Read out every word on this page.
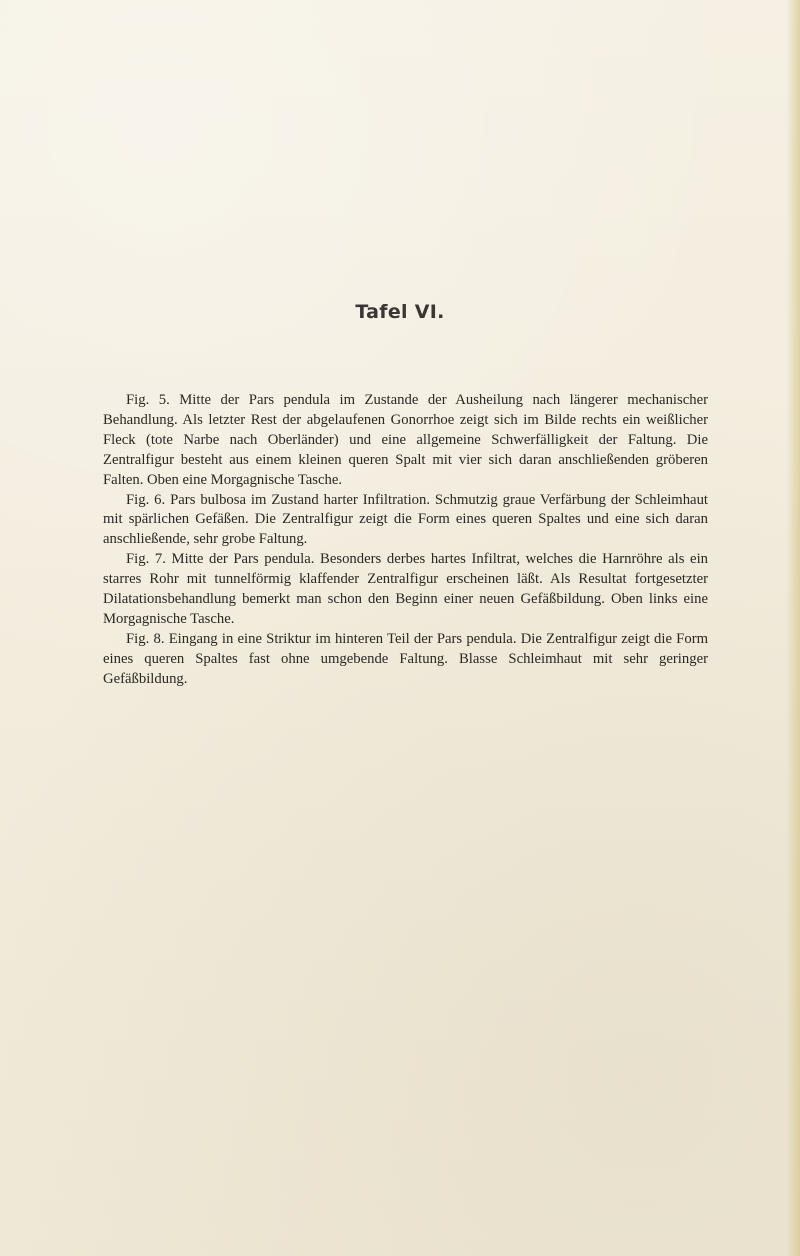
Tafel VI.

Fig. 5. Mitte der Pars pendula im Zustande der Ausheilung nach längerer mechanischer Behandlung. Als letzter Rest der abgelaufenen Gonorrhoe zeigt sich im Bilde rechts ein weißlicher Fleck (tote Narbe nach Oberländer) und eine allgemeine Schwerfälligkeit der Faltung. Die Zentralfigur besteht aus einem kleinen queren Spalt mit vier sich daran anschließenden gröberen Falten. Oben eine Morgagnische Tasche.

Fig. 6. Pars bulbosa im Zustand harter Infiltration. Schmutzig graue Verfärbung der Schleimhaut mit spärlichen Gefäßen. Die Zentralfigur zeigt die Form eines queren Spaltes und eine sich daran anschließende, sehr grobe Faltung.

Fig. 7. Mitte der Pars pendula. Besonders derbes hartes Infiltrat, welches die Harnröhre als ein starres Rohr mit tunnelförmig klaffender Zentralfigur erscheinen läßt. Als Resultat fortgesetzter Dilatationsbehandlung bemerkt man schon den Beginn einer neuen Gefäßbildung. Oben links eine Morgagnische Tasche.

Fig. 8. Eingang in eine Striktur im hinteren Teil der Pars pendula. Die Zentralfigur zeigt die Form eines queren Spaltes fast ohne umgebende Faltung. Blasse Schleimhaut mit sehr geringer Gefäßbildung.
